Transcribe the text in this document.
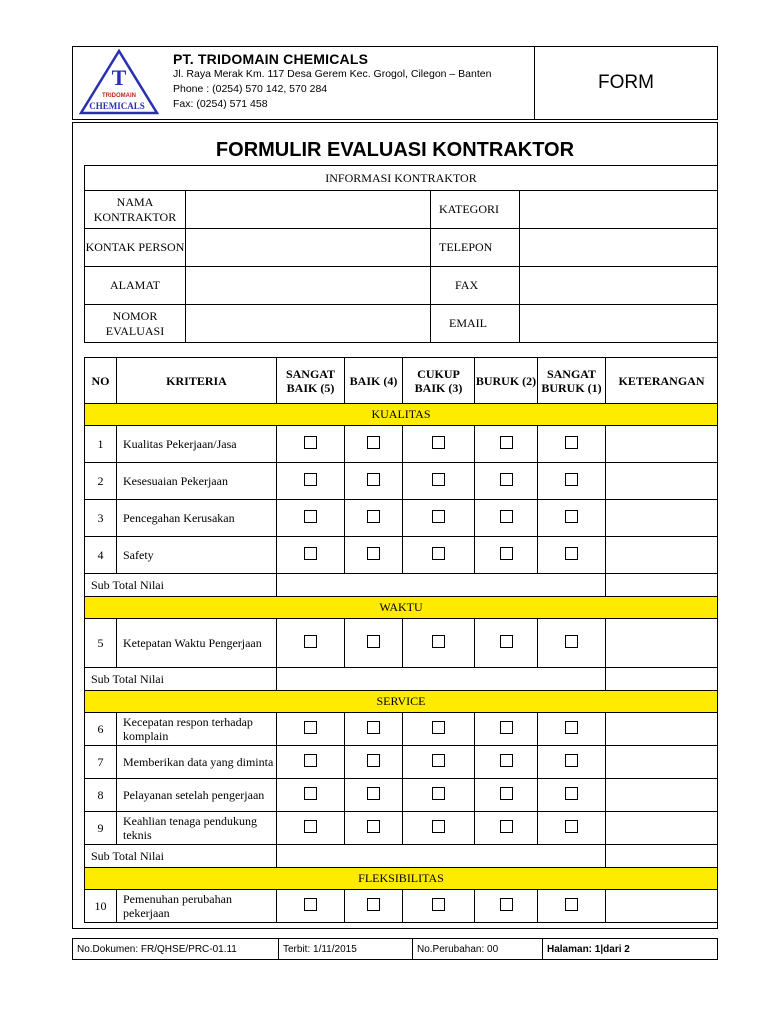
T
TRIDOMAIN
CHEMICALS
PT. TRIDOMAIN CHEMICALS
Jl. Raya Merak Km. 117 Desa Gerem Kec. Grogol, Cilegon – Banten
Phone : (0254) 570 142, 570 284
Fax: (0254) 571 458
FORM
FORMULIR EVALUASI KONTRAKTOR
INFORMASI KONTRAKTOR			
NAMA KONTRAKTOR		KATEGORI	
KONTAK PERSON		TELEPON	
ALAMAT		FAX	
NOMOR EVALUASI		EMAIL	
NO	KRITERIA	SANGAT BAIK (5)	BAIK (4)	CUKUP BAIK (3)	BURUK (2)	SANGAT BURUK (1)	KETERANGAN
KUALITAS							
1	Kualitas Pekerjaan/Jasa						
2	Kesesuaian Pekerjaan						
3	Pencegahan Kerusakan						
4	Safety						
Sub Total Nilai							
WAKTU							
5	Ketepatan Waktu Pengerjaan						
Sub Total Nilai							
SERVICE							
6	Kecepatan respon terhadap komplain						
7	Memberikan data yang diminta						
8	Pelayanan setelah pengerjaan						
9	Keahlian tenaga pendukung teknis						
Sub Total Nilai							
FLEKSIBILITAS							
10	Pemenuhan perubahan pekerjaan						
No.Dokumen: FR/QHSE/PRC-01.11	Terbit: 1/11/2015	No.Perubahan: 00	Halaman: 1|dari 2
